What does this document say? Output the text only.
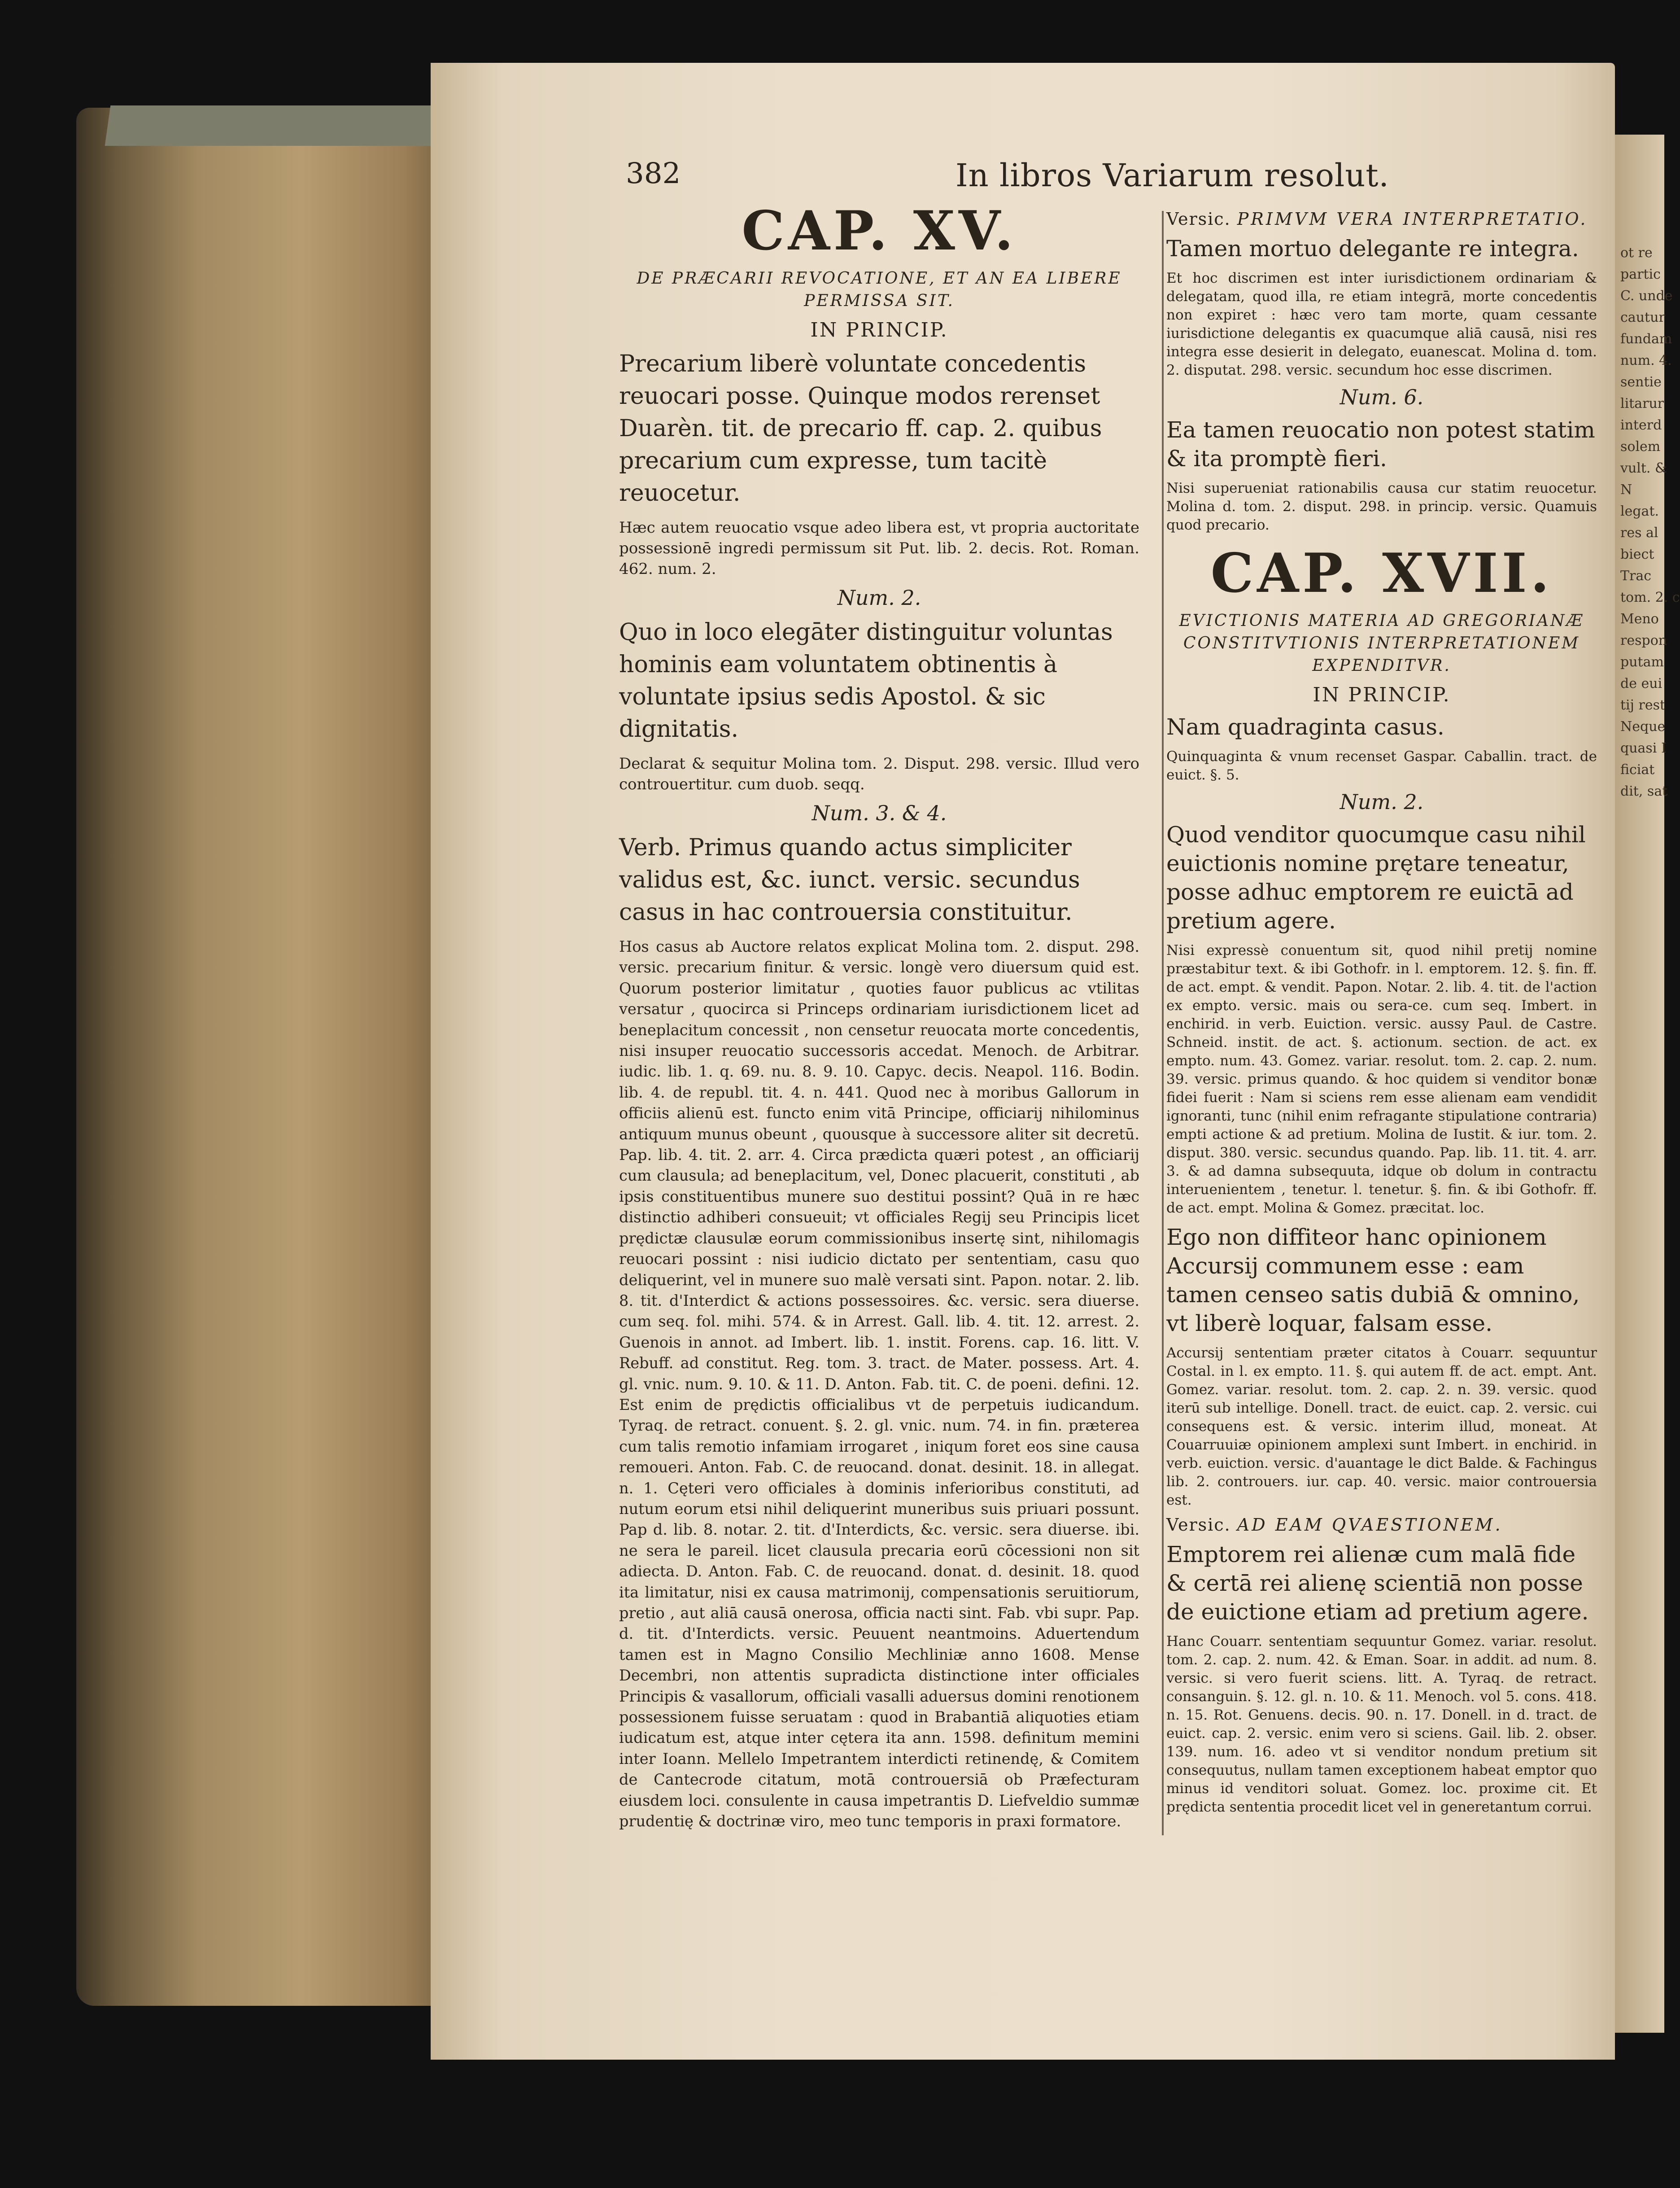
ot re
partic
C. unde
cautur
fundam
num. 4.
sentie
litarur
interd
solem
vult. &
N
legat.
res al
biect
Trac
tom. 2. c
Meno
respon
putam
de eui
tij rest
Neque
quasi I
ficiat
dit, sat
382	In libros Variarum resolut.
CAP. XV.
DE PRÆCARII REVOCATIONE, ET AN EA LIBERE PERMISSA SIT.
IN PRINCIP.
Precarium liberè voluntate concedentis reuocari posse. Quinque modos rerenset Duarèn. tit. de precario ff. cap. 2. quibus precarium cum expresse, tum tacitè reuocetur.
Hæc autem reuocatio vsque adeo libera est, vt propria auctoritate possessionē ingredi permissum sit Put. lib. 2. decis. Rot. Roman. 462. num. 2.
Num. 2.
Quo in loco elegāter distinguitur voluntas hominis eam voluntatem obtinentis à voluntate ipsius sedis Apostol. & sic dignitatis.
Declarat & sequitur Molina tom. 2. Disput. 298. versic. Illud vero controuertitur. cum duob. seqq.
Num. 3. & 4.
Verb. Primus quando actus simpliciter validus est, &c. iunct. versic. secundus casus in hac controuersia constituitur.
Hos casus ab Auctore relatos explicat Molina tom. 2. disput. 298. versic. precarium finitur. & versic. longè vero diuersum quid est. Quorum posterior limitatur , quoties fauor publicus ac vtilitas versatur , quocirca si Princeps ordinariam iurisdictionem licet ad beneplacitum concessit , non censetur reuocata morte concedentis, nisi insuper reuocatio successoris accedat. Menoch. de Arbitrar. iudic. lib. 1. q. 69. nu. 8. 9. 10. Capyc. decis. Neapol. 116. Bodin. lib. 4. de republ. tit. 4. n. 441. Quod nec à moribus Gallorum in officiis alienū est. functo enim vitā Principe, officiarij nihilominus antiquum munus obeunt , quousque à successore aliter sit decretū. Pap. lib. 4. tit. 2. arr. 4. Circa prædicta quæri potest , an officiarij cum clausula; ad beneplacitum, vel, Donec placuerit, constituti , ab ipsis constituentibus munere suo destitui possint? Quā in re hæc distinctio adhiberi consueuit; vt officiales Regij seu Principis licet prędictæ clausulæ eorum commissionibus insertę sint, nihilomagis reuocari possint : nisi iudicio dictato per sententiam, casu quo deliquerint, vel in munere suo malè versati sint. Papon. notar. 2. lib. 8. tit. d'Interdict & actions possessoires. &c. versic. sera diuerse. cum seq. fol. mihi. 574. & in Arrest. Gall. lib. 4. tit. 12. arrest. 2. Guenois in annot. ad Imbert. lib. 1. instit. Forens. cap. 16. litt. V. Rebuff. ad constitut. Reg. tom. 3. tract. de Mater. possess. Art. 4. gl. vnic. num. 9. 10. & 11. D. Anton. Fab. tit. C. de poeni. defini. 12. Est enim de prędictis officialibus vt de perpetuis iudicandum. Tyraq. de retract. conuent. §. 2. gl. vnic. num. 74. in fin. præterea cum talis remotio infamiam irrogaret , iniqum foret eos sine causa remoueri. Anton. Fab. C. de reuocand. donat. desinit. 18. in allegat. n. 1. Cęteri vero officiales à dominis inferioribus constituti, ad nutum eorum etsi nihil deliquerint muneribus suis priuari possunt. Pap d. lib. 8. notar. 2. tit. d'Interdicts, &c. versic. sera diuerse. ibi. ne sera le pareil. licet clausula precaria eorū cōcessioni non sit adiecta. D. Anton. Fab. C. de reuocand. donat. d. desinit. 18. quod ita limitatur, nisi ex causa matrimonij, compensationis seruitiorum, pretio , aut aliā causā onerosa, officia nacti sint. Fab. vbi supr. Pap. d. tit. d'Interdicts. versic. Peuuent neantmoins. Aduertendum tamen est in Magno Consilio Mechliniæ anno 1608. Mense Decembri, non attentis supradicta distinctione inter officiales Principis & vasallorum, officiali vasalli aduersus domini renotionem possessionem fuisse seruatam : quod in Brabantiā aliquoties etiam iudicatum est, atque inter cętera ita ann. 1598. definitum memini inter Ioann. Mellelo Impetrantem interdicti retinendę, & Comitem de Cantecrode citatum, motā controuersiā ob Præfecturam eiusdem loci. consulente in causa impetrantis D. Liefveldio summæ prudentię & doctrinæ viro, meo tunc temporis in praxi formatore.
Versic. PRIMVM VERA INTERPRETATIO.
Tamen mortuo delegante re integra.
Et hoc discrimen est inter iurisdictionem ordinariam & delegatam, quod illa, re etiam integrā, morte concedentis non expiret : hæc vero tam morte, quam cessante iurisdictione delegantis ex quacumque aliā causā, nisi res integra esse desierit in delegato, euanescat. Molina d. tom. 2. disputat. 298. versic. secundum hoc esse discrimen.
Num. 6.
Ea tamen reuocatio non potest statim & ita promptè fieri.
Nisi superueniat rationabilis causa cur statim reuocetur. Molina d. tom. 2. disput. 298. in princip. versic. Quamuis quod precario.
CAP. XVII.
EVICTIONIS MATERIA AD GREGORIANÆ CONSTITVTIONIS INTERPRETATIONEM EXPENDITVR.
IN PRINCIP.
Nam quadraginta casus.
Quinquaginta & vnum recenset Gaspar. Caballin. tract. de euict. §. 5.
Num. 2.
Quod venditor quocumque casu nihil euictionis nomine prętare teneatur, posse adhuc emptorem re euictā ad pretium agere.
Nisi expressè conuentum sit, quod nihil pretij nomine præstabitur text. & ibi Gothofr. in l. emptorem. 12. §. fin. ff. de act. empt. & vendit. Papon. Notar. 2. lib. 4. tit. de l'action ex empto. versic. mais ou sera-ce. cum seq. Imbert. in enchirid. in verb. Euiction. versic. aussy Paul. de Castre. Schneid. instit. de act. §. actionum. section. de act. ex empto. num. 43. Gomez. variar. resolut. tom. 2. cap. 2. num. 39. versic. primus quando. & hoc quidem si venditor bonæ fidei fuerit : Nam si sciens rem esse alienam eam vendidit ignoranti, tunc (nihil enim refragante stipulatione contraria) empti actione & ad pretium. Molina de Iustit. & iur. tom. 2. disput. 380. versic. secundus quando. Pap. lib. 11. tit. 4. arr. 3. & ad damna subsequuta, idque ob dolum in contractu interuenientem , tenetur. l. tenetur. §. fin. & ibi Gothofr. ff. de act. empt. Molina & Gomez. præcitat. loc.
Ego non diffiteor hanc opinionem Accursij communem esse : eam tamen censeo satis dubiā & omnino, vt liberè loquar, falsam esse.
Accursij sententiam præter citatos à Couarr. sequuntur Costal. in l. ex empto. 11. §. qui autem ff. de act. empt. Ant. Gomez. variar. resolut. tom. 2. cap. 2. n. 39. versic. quod iterū sub intellige. Donell. tract. de euict. cap. 2. versic. cui consequens est. & versic. interim illud, moneat. At Couarruuiæ opinionem amplexi sunt Imbert. in enchirid. in verb. euiction. versic. d'auantage le dict Balde. & Fachingus lib. 2. controuers. iur. cap. 40. versic. maior controuersia est.
Versic. AD EAM QVAESTIONEM.
Emptorem rei alienæ cum malā fide & certā rei alienę scientiā non posse de euictione etiam ad pretium agere.
Hanc Couarr. sententiam sequuntur Gomez. variar. resolut. tom. 2. cap. 2. num. 42. & Eman. Soar. in addit. ad num. 8. versic. si vero fuerit sciens. litt. A. Tyraq. de retract. consanguin. §. 12. gl. n. 10. & 11. Menoch. vol 5. cons. 418. n. 15. Rot. Genuens. decis. 90. n. 17. Donell. in d. tract. de euict. cap. 2. versic. enim vero si sciens. Gail. lib. 2. obser. 139. num. 16. adeo vt si venditor nondum pretium sit consequutus, nullam tamen exceptionem habeat emptor quo minus id venditori soluat. Gomez. loc. proxime cit. Et prędicta sententia procedit licet vel in generetantum corrui.
